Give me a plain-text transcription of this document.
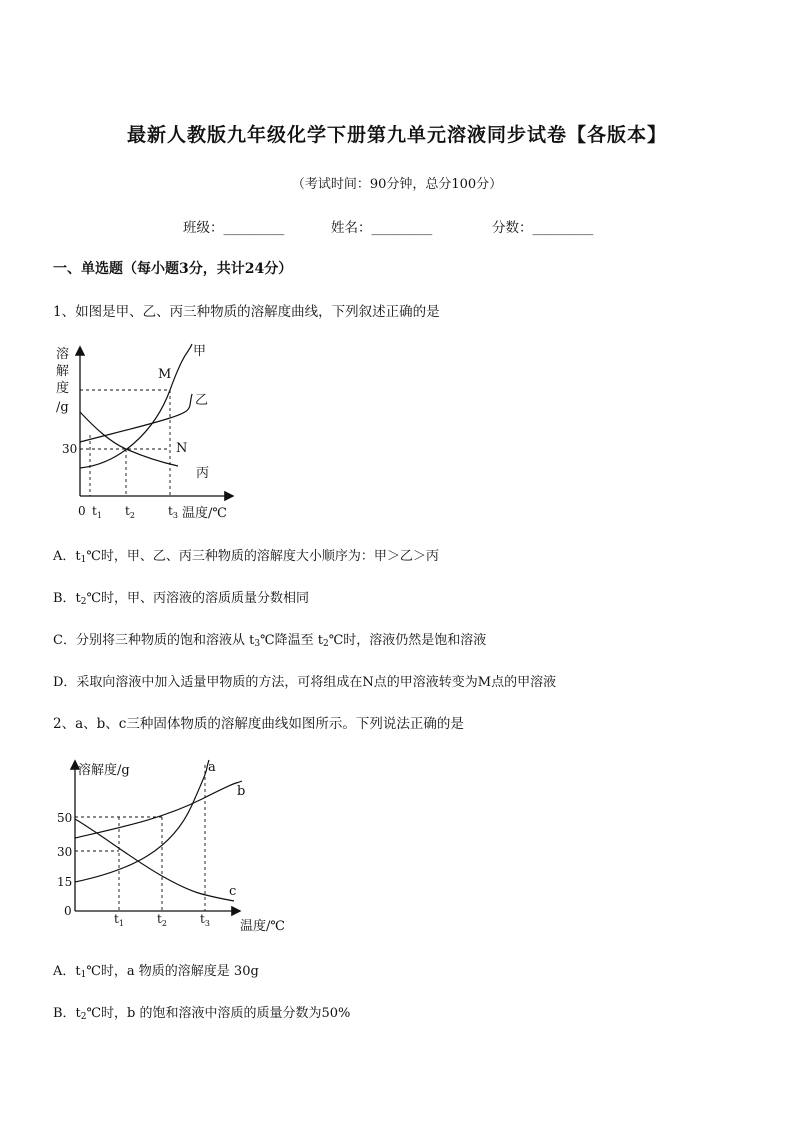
最新人教版九年级化学下册第九单元溶液同步试卷【各版本】
（考试时间：90分钟，总分100分）
班级：_________	姓名：_________	分数：_________
一、单选题（每小题3分，共计24分）
1、如图是甲、乙、丙三种物质的溶解度曲线，下列叙述正确的是
溶
解
度
/g
30
0 $t_1$ $t_2$	$t_3$ 温度/℃
甲
乙
丙
M
N
A．$t_1℃$时，甲、乙、丙三种物质的溶解度大小顺序为：甲＞乙＞丙
B．$t_2℃$时，甲、丙溶液的溶质质量分数相同
C．分别将三种物质的饱和溶液从 $t_3℃$降温至 $t_2℃$时，溶液仍然是饱和溶液
D．采取向溶液中加入适量甲物质的方法，可将组成在N点的甲溶液转变为M点的甲溶液
2、a、b、c三种固体物质的溶解度曲线如图所示。下列说法正确的是
溶解度/g
50
30
15
0
$t_1$	$t_2$	$t_3$ 温度/℃
a
b
c
A．$t_1℃$时，a 物质的溶解度是 30g
B．$t_2℃$时，b 的饱和溶液中溶质的质量分数为50%
